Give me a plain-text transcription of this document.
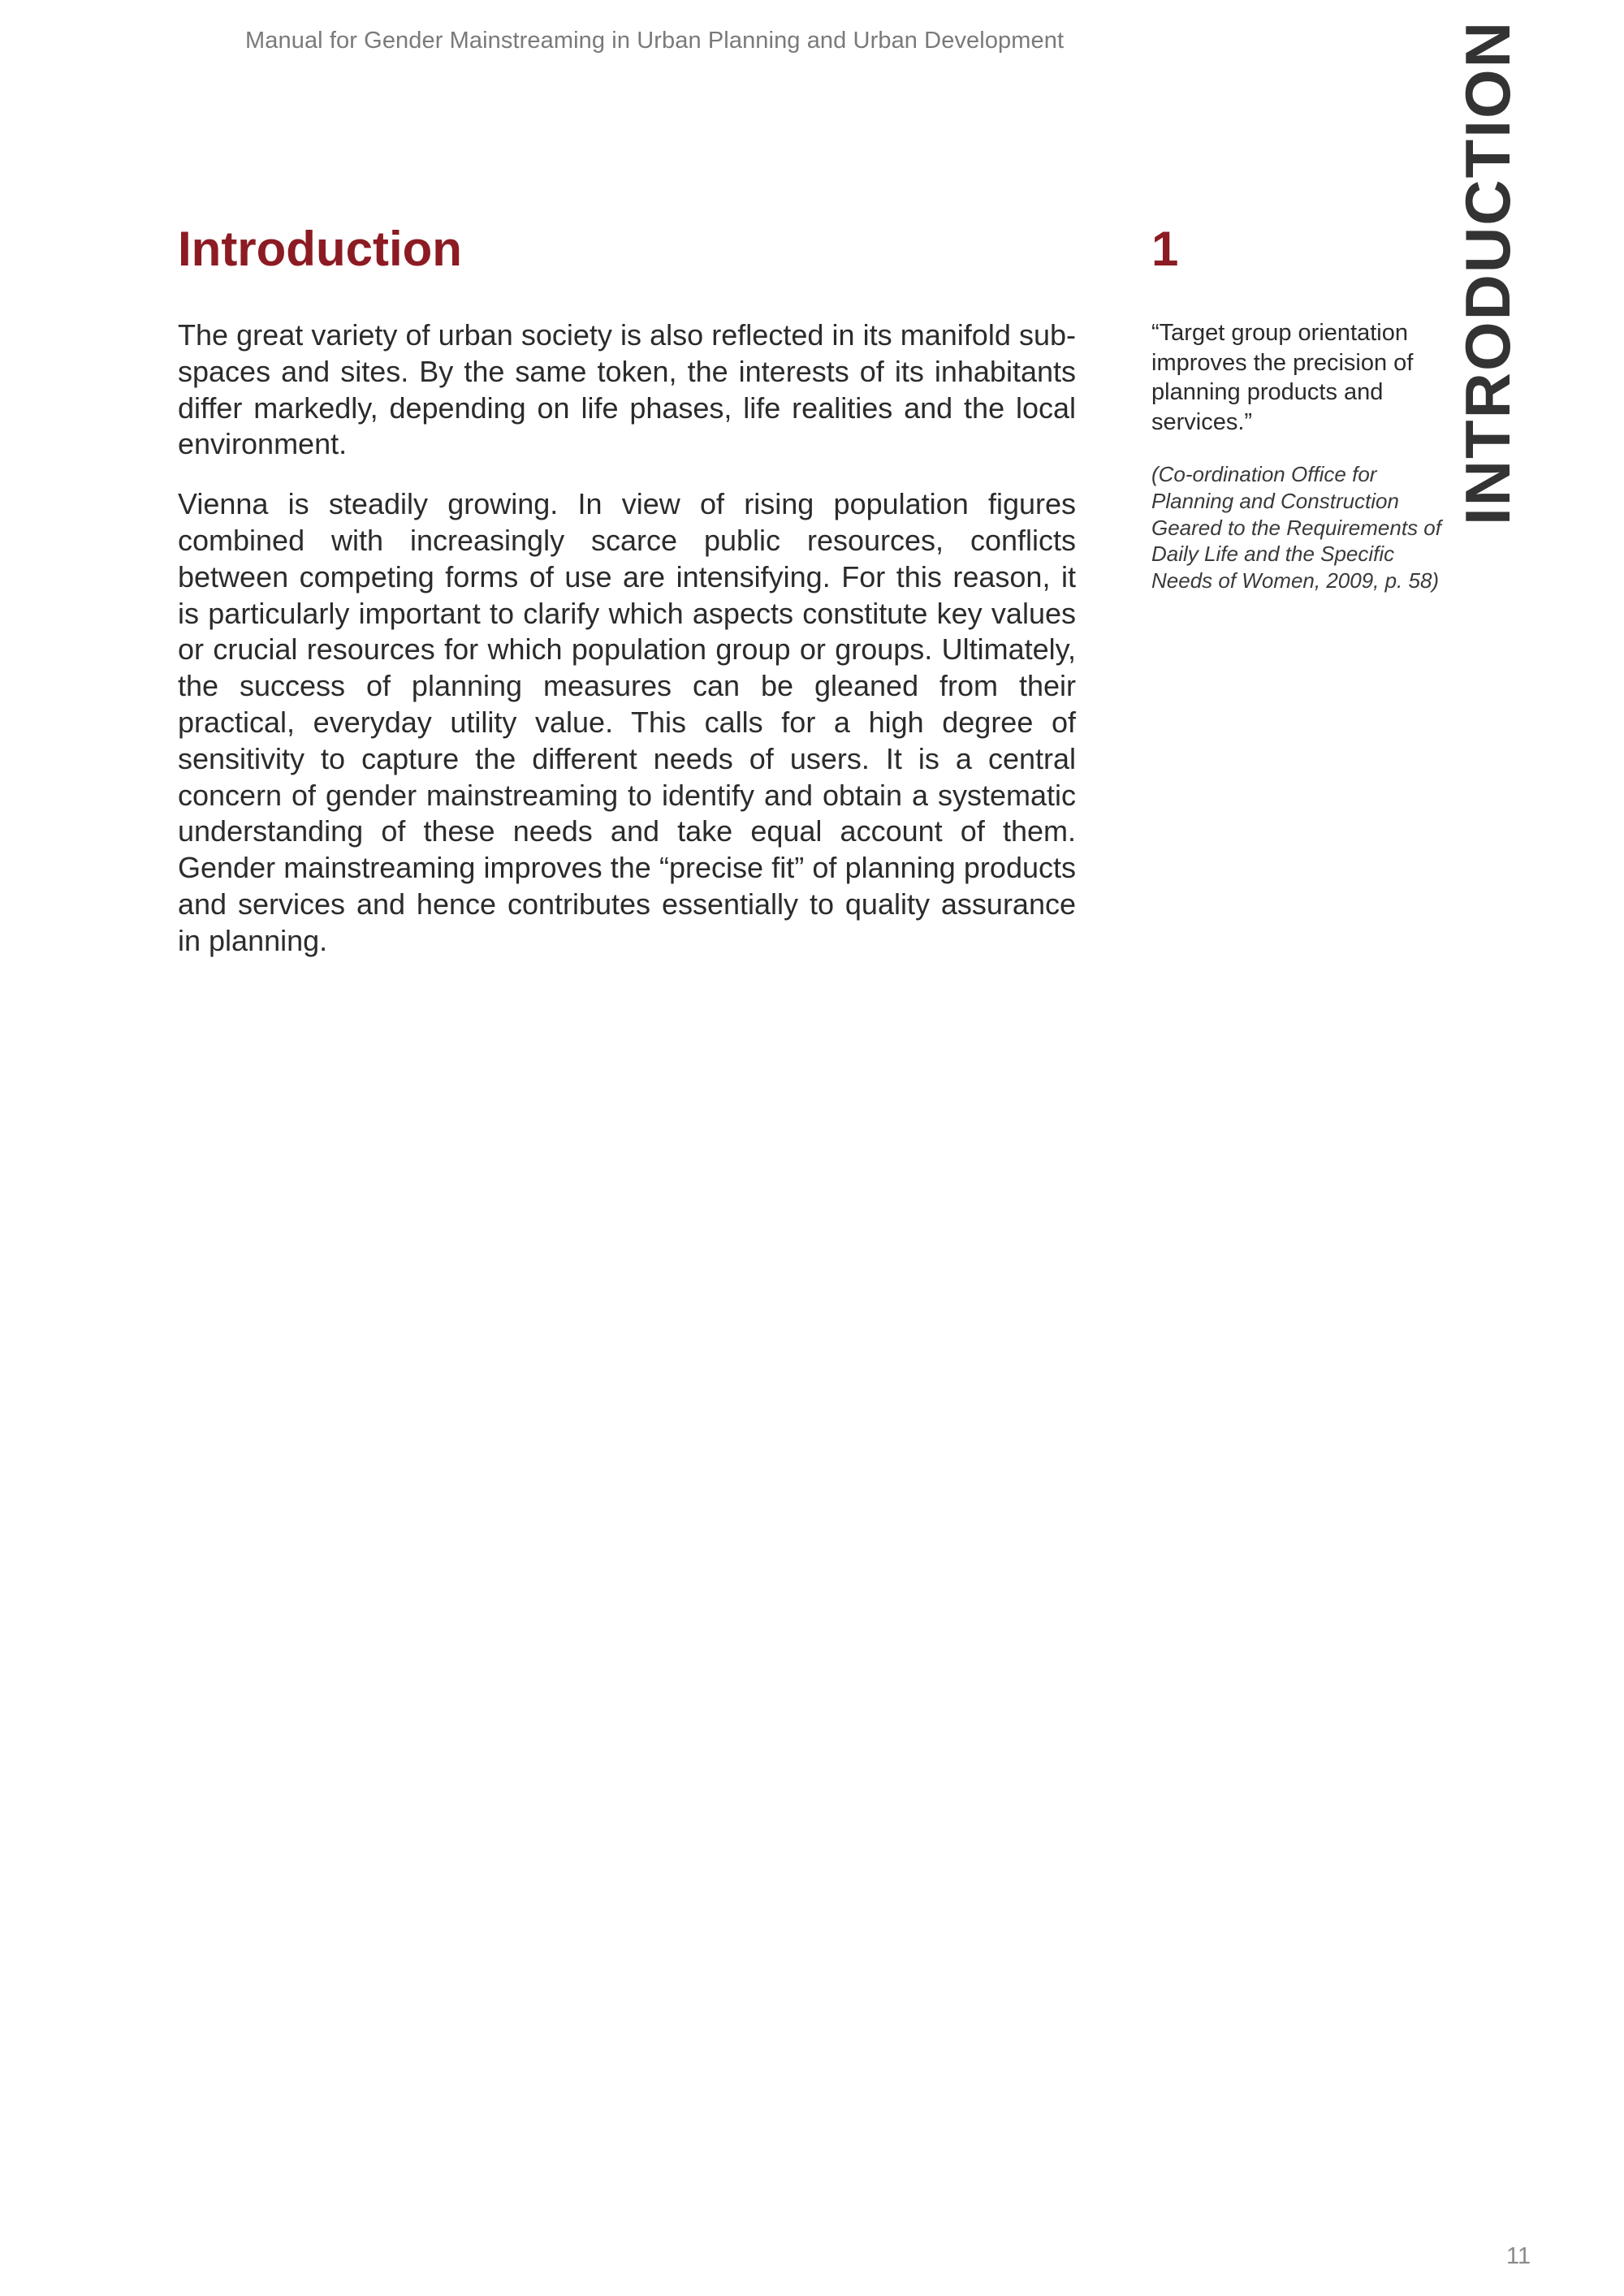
Manual for Gender Mainstreaming in Urban Planning and Urban Development
Introduction	1

The great variety of urban society is also reflected in its manifold sub-spaces and sites. By the same token, the interests of its inhabitants differ markedly, depending on life phases, life realities and the local environment.

Vienna is steadily growing. In view of rising population figures combined with increasingly scarce public resources, conflicts between competing forms of use are intensifying. For this reason, it is particularly important to clarify which aspects constitute key values or crucial resources for which population group or groups. Ultimately, the success of planning measures can be gleaned from their practical, everyday utility value. This calls for a high degree of sensitivity to capture the different needs of users. It is a central concern of gender mainstreaming to identify and obtain a systematic understanding of these needs and take equal account of them. Gender mainstreaming improves the “precise fit” of planning products and services and hence contributes essentially to quality assurance in planning.

“Target group orientation improves the precision of planning products and services.”

(Co-ordination Office for Planning and Construction Geared to the Requirements of Daily Life and the Specific Needs of Women, 2009, p. 58)

INTRODUCTION
11
